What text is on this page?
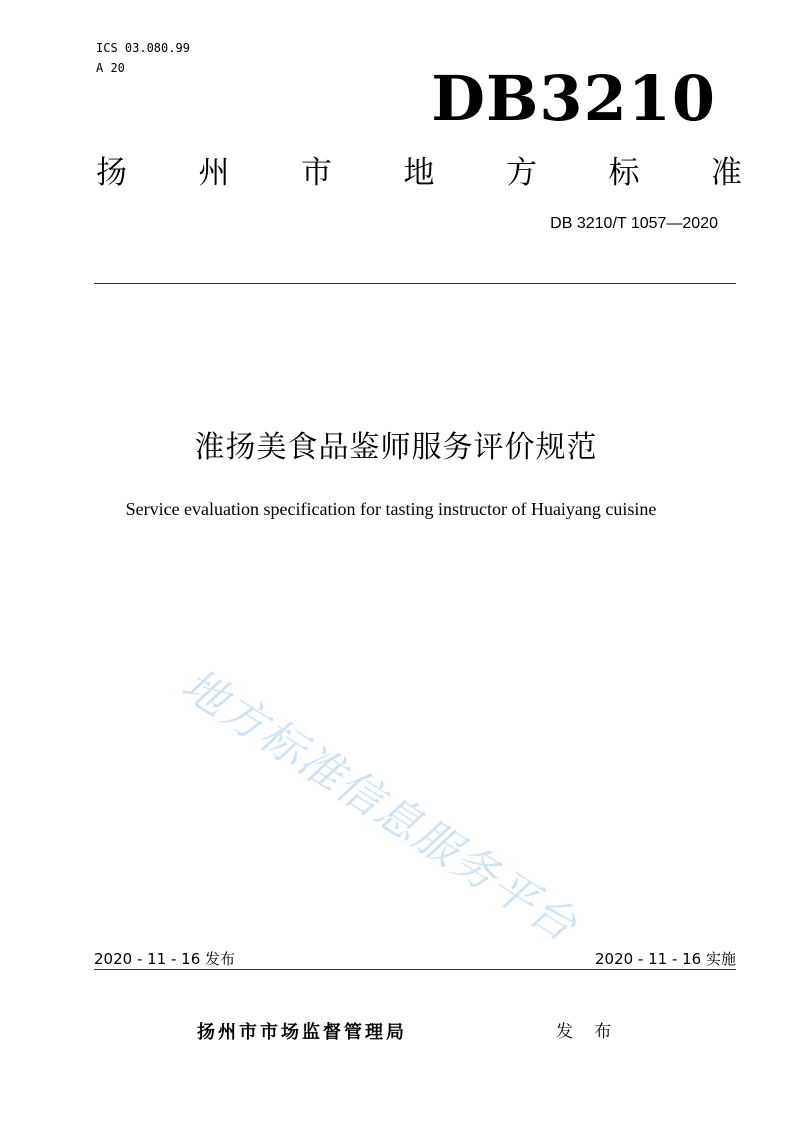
ICS 03.080.99
A 20	DB3210
扬 州 市 地 方 标 准
DB 3210/T 1057—2020
淮扬美食品鉴师服务评价规范
Service evaluation specification for tasting instructor of Huaiyang cuisine
地方标准信息服务平台
2020 - 11 - 16 发布	2020 - 11 - 16 实施
扬州市市场监督管理局	发 布
